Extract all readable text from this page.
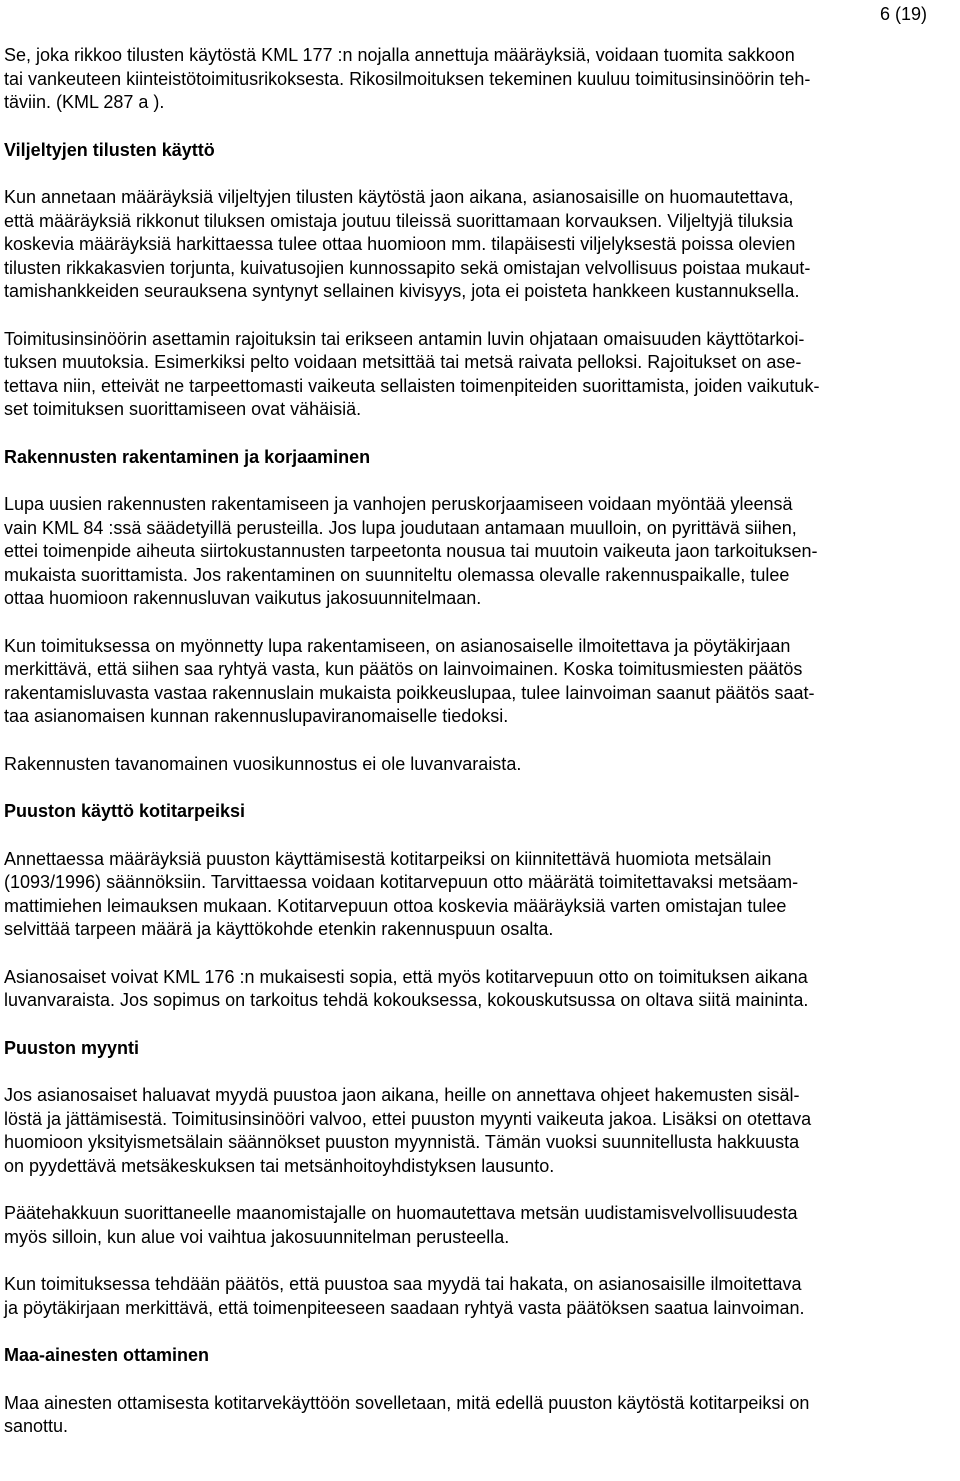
6 (19)

Se, joka rikkoo tilusten käytöstä KML 177 :n nojalla annettuja määräyksiä, voidaan tuomita sakkoon
tai vankeuteen kiinteistötoimitusrikoksesta. Rikosilmoituksen tekeminen kuuluu toimitusinsinöörin teh-
täviin. (KML 287 a ).

Viljeltyjen tilusten käyttö

Kun annetaan määräyksiä viljeltyjen tilusten käytöstä jaon aikana, asianosaisille on huomautettava,
että määräyksiä rikkonut tiluksen omistaja joutuu tileissä suorittamaan korvauksen. Viljeltyjä tiluksia
koskevia määräyksiä harkittaessa tulee ottaa huomioon mm. tilapäisesti viljelyksestä poissa olevien
tilusten rikkakasvien torjunta, kuivatusojien kunnossapito sekä omistajan velvollisuus poistaa mukaut-
tamishankkeiden seurauksena syntynyt sellainen kivisyys, jota ei poisteta hankkeen kustannuksella.

Toimitusinsinöörin asettamin rajoituksin tai erikseen antamin luvin ohjataan omaisuuden käyttötarkoi-
tuksen muutoksia. Esimerkiksi pelto voidaan metsittää tai metsä raivata pelloksi. Rajoitukset on ase-
tettava niin, etteivät ne tarpeettomasti vaikeuta sellaisten toimenpiteiden suorittamista, joiden vaikutuk-
set toimituksen suorittamiseen ovat vähäisiä.

Rakennusten rakentaminen ja korjaaminen

Lupa uusien rakennusten rakentamiseen ja vanhojen peruskorjaamiseen voidaan myöntää yleensä
vain KML 84 :ssä säädetyillä perusteilla. Jos lupa joudutaan antamaan muulloin, on pyrittävä siihen,
ettei toimenpide aiheuta siirtokustannusten tarpeetonta nousua tai muutoin vaikeuta jaon tarkoituksen-
mukaista suorittamista. Jos rakentaminen on suunniteltu olemassa olevalle rakennuspaikalle, tulee
ottaa huomioon rakennusluvan vaikutus jakosuunnitelmaan.

Kun toimituksessa on myönnetty lupa rakentamiseen, on asianosaiselle ilmoitettava ja pöytäkirjaan
merkittävä, että siihen saa ryhtyä vasta, kun päätös on lainvoimainen. Koska toimitusmiesten päätös
rakentamisluvasta vastaa rakennuslain mukaista poikkeuslupaa, tulee lainvoiman saanut päätös saat-
taa asianomaisen kunnan rakennuslupaviranomaiselle tiedoksi.

Rakennusten tavanomainen vuosikunnostus ei ole luvanvaraista.

Puuston käyttö kotitarpeiksi

Annettaessa määräyksiä puuston käyttämisestä kotitarpeiksi on kiinnitettävä huomiota metsälain
(1093/1996) säännöksiin. Tarvittaessa voidaan kotitarvepuun otto määrätä toimitettavaksi metsäam-
mattimiehen leimauksen mukaan. Kotitarvepuun ottoa koskevia määräyksiä varten omistajan tulee
selvittää tarpeen määrä ja käyttökohde etenkin rakennuspuun osalta.

Asianosaiset voivat KML 176 :n mukaisesti sopia, että myös kotitarvepuun otto on toimituksen aikana
luvanvaraista. Jos sopimus on tarkoitus tehdä kokouksessa, kokouskutsussa on oltava siitä maininta.

Puuston myynti

Jos asianosaiset haluavat myydä puustoa jaon aikana, heille on annettava ohjeet hakemusten sisäl-
löstä ja jättämisestä. Toimitusinsinööri valvoo, ettei puuston myynti vaikeuta jakoa. Lisäksi on otettava
huomioon yksityismetsälain säännökset puuston myynnistä. Tämän vuoksi suunnitellusta hakkuusta
on pyydettävä metsäkeskuksen tai metsänhoitoyhdistyksen lausunto.

Päätehakkuun suorittaneelle maanomistajalle on huomautettava metsän uudistamisvelvollisuudesta
myös silloin, kun alue voi vaihtua jakosuunnitelman perusteella.

Kun toimituksessa tehdään päätös, että puustoa saa myydä tai hakata, on asianosaisille ilmoitettava
ja pöytäkirjaan merkittävä, että toimenpiteeseen saadaan ryhtyä vasta päätöksen saatua lainvoiman.

Maa-ainesten ottaminen

Maa ainesten ottamisesta kotitarvekäyttöön sovelletaan, mitä edellä puuston käytöstä kotitarpeiksi on
sanottu.
